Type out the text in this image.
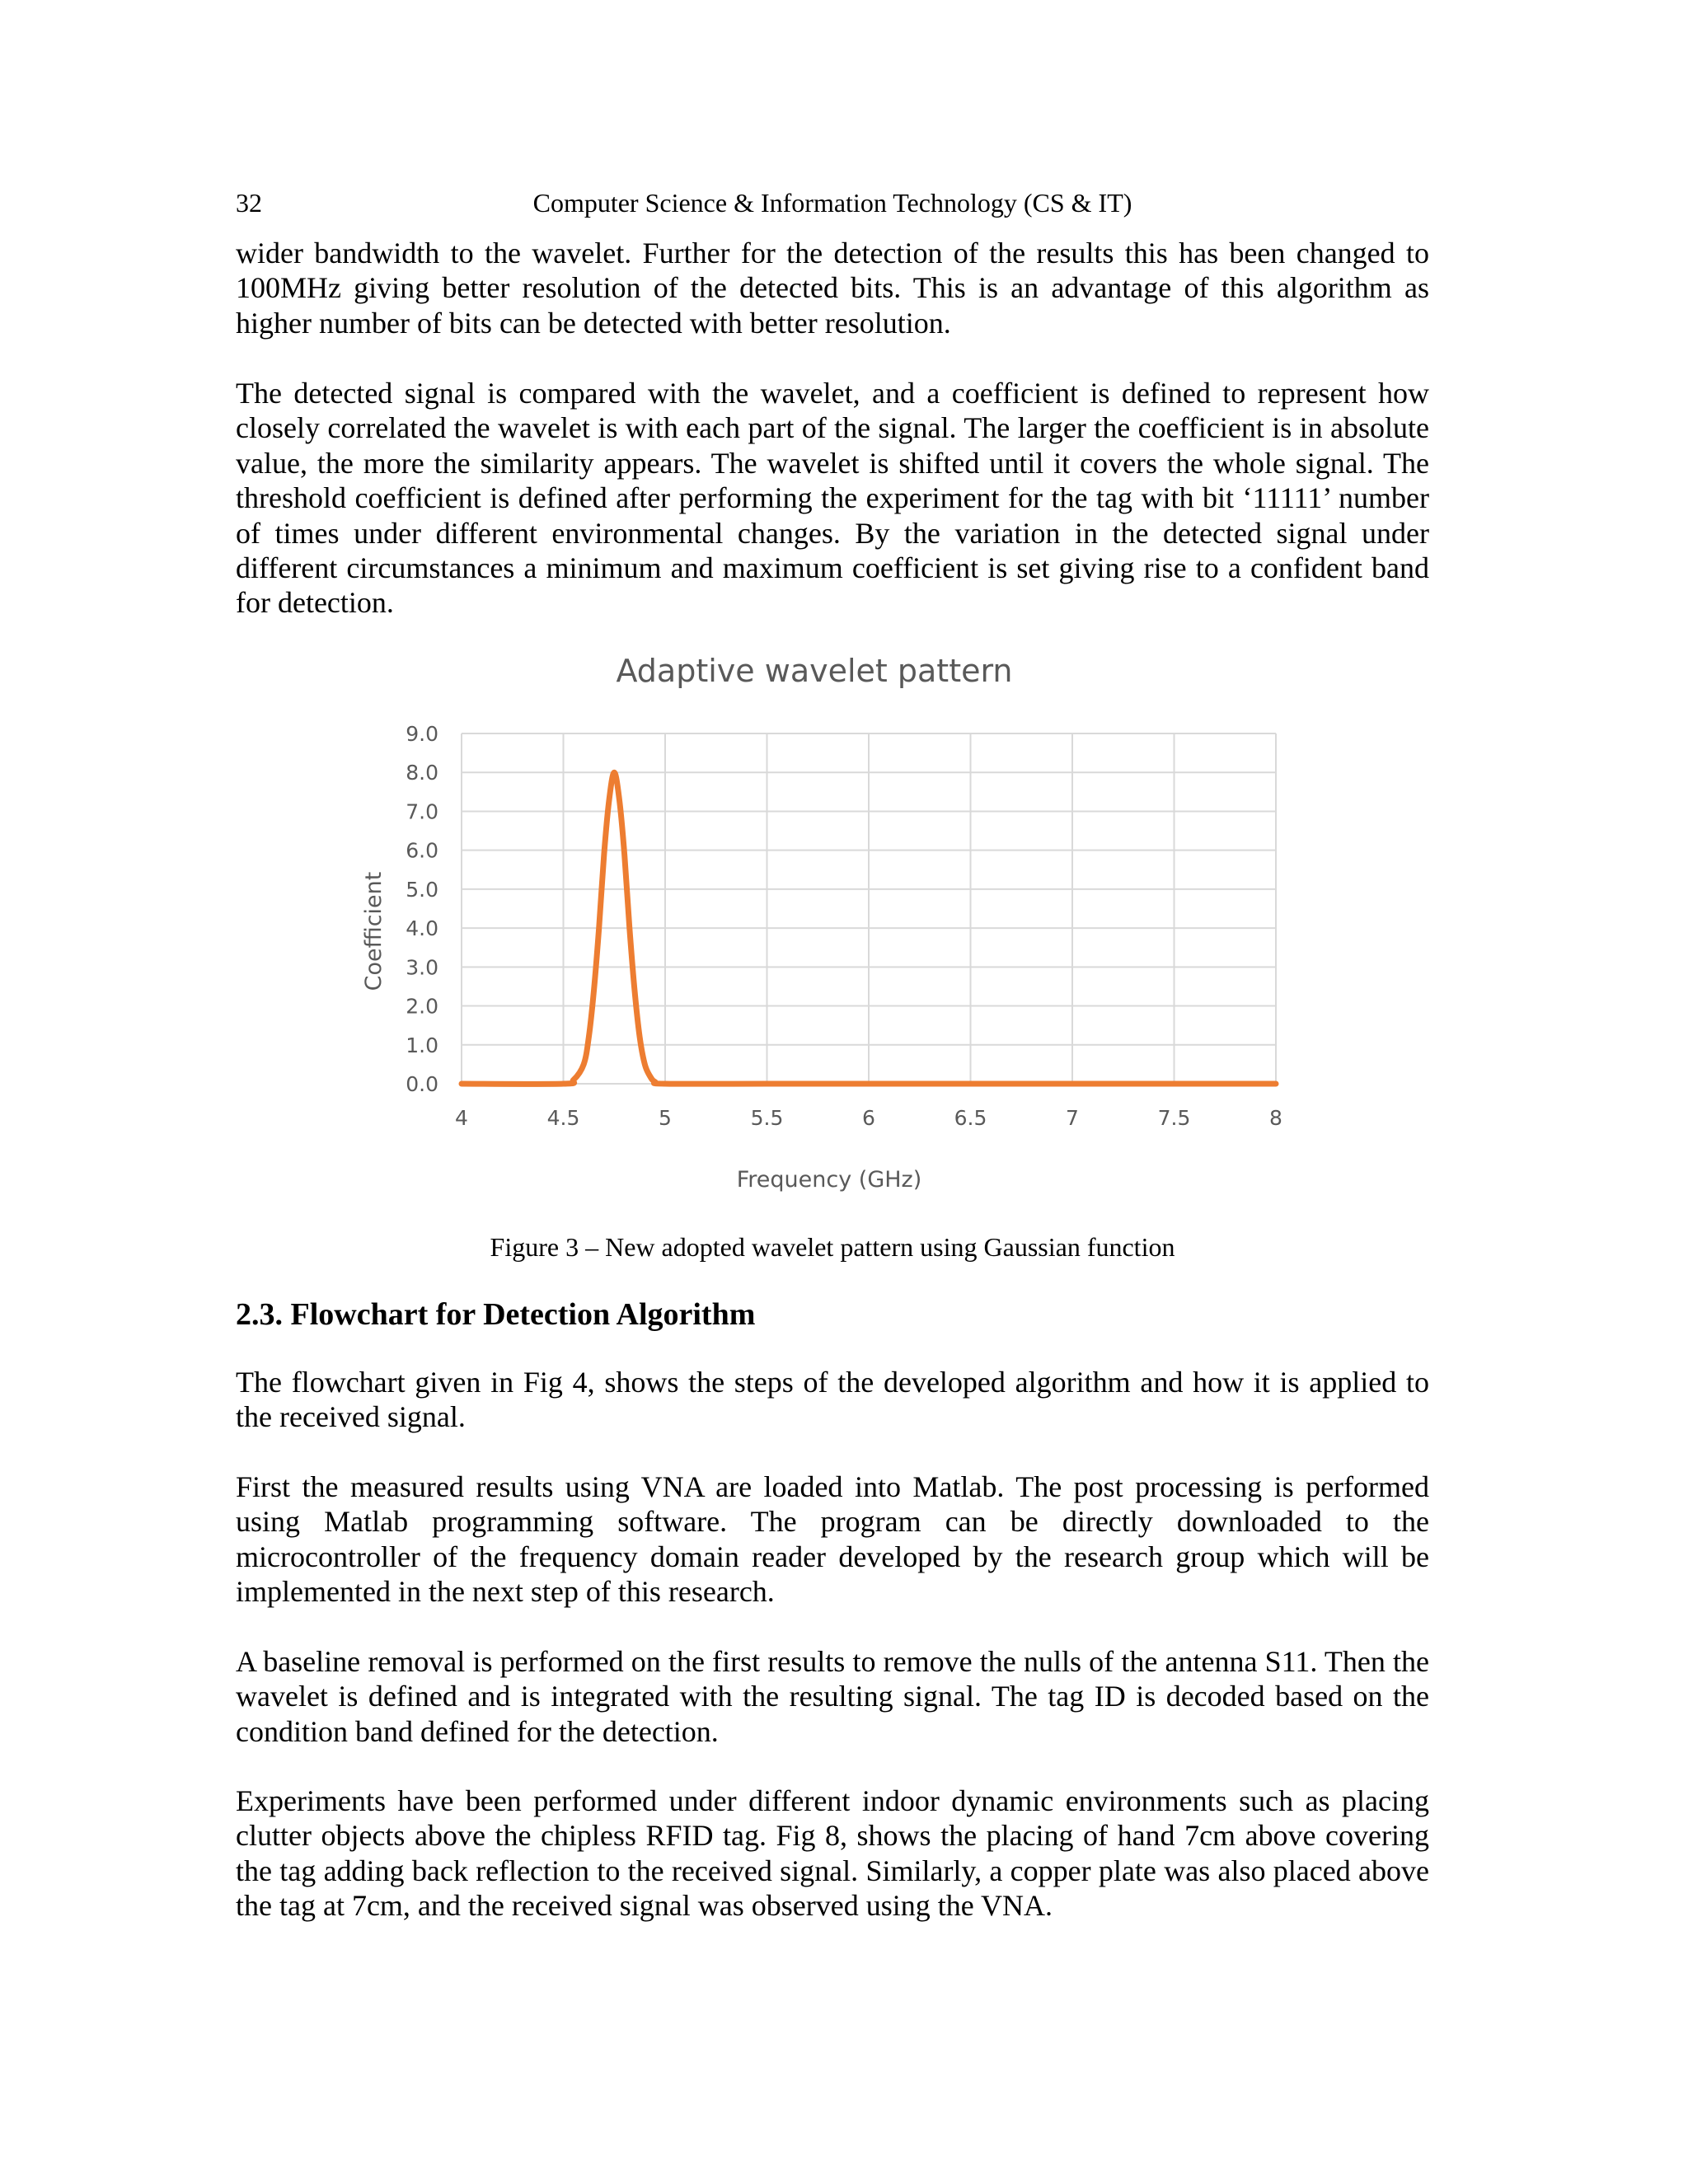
32	Computer Science & Information Technology (CS & IT)

wider bandwidth to the wavelet. Further for the detection of the results this has been changed to 100MHz giving better resolution of the detected bits. This is an advantage of this algorithm as higher number of bits can be detected with better resolution.

The detected signal is compared with the wavelet, and a coefficient is defined to represent how closely correlated the wavelet is with each part of the signal. The larger the coefficient is in absolute value, the more the similarity appears. The wavelet is shifted until it covers the whole signal. The threshold coefficient is defined after performing the experiment for the tag with bit ‘11111’ number of times under different environmental changes. By the variation in the detected signal under different circumstances a minimum and maximum coefficient is set giving rise to a confident band for detection.

Adaptive wavelet pattern
0.0
1.0
2.0
3.0
4.0
5.0
6.0
7.0
8.0
9.0
4	4.5	5	5.5	6	6.5	7	7.5	8
Coefficient
Frequency (GHz)
Figure 3 – New adopted wavelet pattern using Gaussian function
2.3. Flowchart for Detection Algorithm

The flowchart given in Fig 4, shows the steps of the developed algorithm and how it is applied to the received signal.

First the measured results using VNA are loaded into Matlab. The post processing is performed using Matlab programming software. The program can be directly downloaded to the microcontroller of the frequency domain reader developed by the research group which will be implemented in the next step of this research.

A baseline removal is performed on the first results to remove the nulls of the antenna S11. Then the wavelet is defined and is integrated with the resulting signal. The tag ID is decoded based on the condition band defined for the detection.

Experiments have been performed under different indoor dynamic environments such as placing clutter objects above the chipless RFID tag. Fig 8, shows the placing of hand 7cm above covering the tag adding back reflection to the received signal. Similarly, a copper plate was also placed above the tag at 7cm, and the received signal was observed using the VNA.
